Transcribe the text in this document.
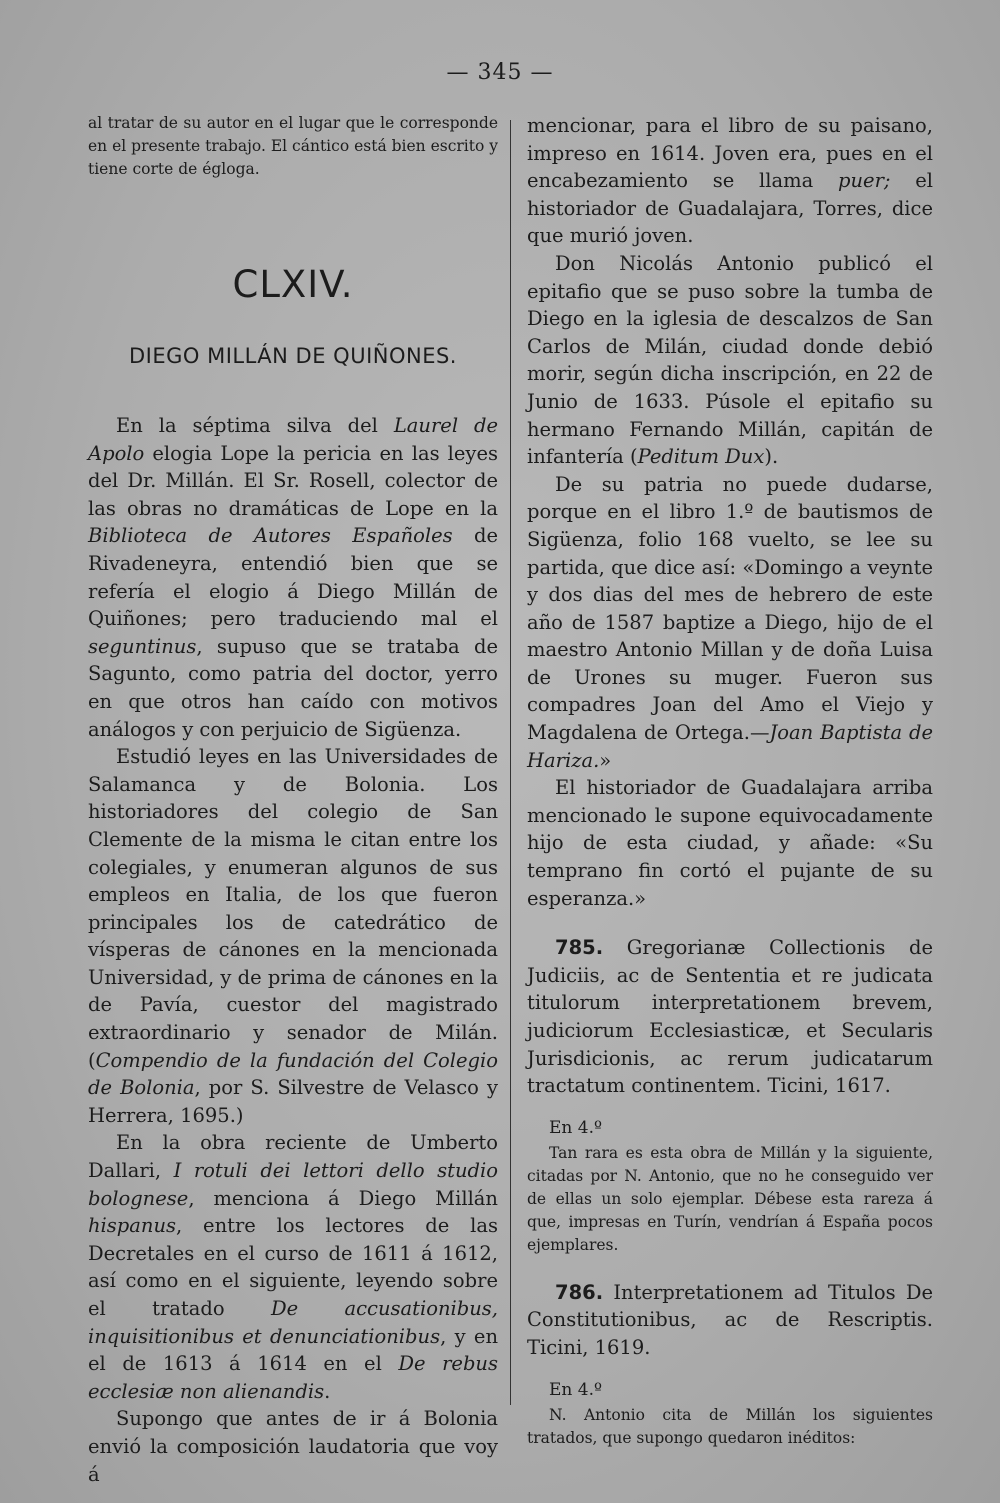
— 345 —

al tratar de su autor en el lugar que le corresponde en el presente trabajo. El cántico está bien escrito y tiene corte de égloga.

CLXIV.
DIEGO MILLÁN DE QUIÑONES.

En la séptima silva del Laurel de Apolo elogia Lope la pericia en las leyes del Dr. Millán. El Sr. Rosell, colector de las obras no dramáticas de Lope en la Biblioteca de Autores Españoles de Rivadeneyra, entendió bien que se refería el elogio á Diego Millán de Quiñones; pero traduciendo mal el seguntinus, supuso que se trataba de Sagunto, como patria del doctor, yerro en que otros han caído con motivos análogos y con perjuicio de Sigüenza.

Estudió leyes en las Universidades de Salamanca y de Bolonia. Los historiadores del colegio de San Clemente de la misma le citan entre los colegiales, y enumeran algunos de sus empleos en Italia, de los que fueron principales los de catedrático de vísperas de cánones en la mencionada Universidad, y de prima de cánones en la de Pavía, cuestor del magistrado extraordinario y senador de Milán. (Compendio de la fundación del Colegio de Bolonia, por S. Silvestre de Velasco y Herrera, 1695.)

En la obra reciente de Umberto Dallari, I rotuli dei lettori dello studio bolognese, menciona á Diego Millán hispanus, entre los lectores de las Decretales en el curso de 1611 á 1612, así como en el siguiente, leyendo sobre el tratado De accusationibus, inquisitionibus et denunciationibus, y en el de 1613 á 1614 en el De rebus ecclesiæ non alienandis.

Supongo que antes de ir á Bolonia envió la composición laudatoria que voy á

mencionar, para el libro de su paisano, impreso en 1614. Joven era, pues en el encabezamiento se llama puer; el historiador de Guadalajara, Torres, dice que murió joven.

Don Nicolás Antonio publicó el epitafio que se puso sobre la tumba de Diego en la iglesia de descalzos de San Carlos de Milán, ciudad donde debió morir, según dicha inscripción, en 22 de Junio de 1633. Púsole el epitafio su hermano Fernando Millán, capitán de infantería (Peditum Dux).

De su patria no puede dudarse, porque en el libro 1.º de bautismos de Sigüenza, folio 168 vuelto, se lee su partida, que dice así: «Domingo a veynte y dos dias del mes de hebrero de este año de 1587 baptize a Diego, hijo de el maestro Antonio Millan y de doña Luisa de Urones su muger. Fueron sus compadres Joan del Amo el Viejo y Magdalena de Ortega.—Joan Baptista de Hariza.»

El historiador de Guadalajara arriba mencionado le supone equivocadamente hijo de esta ciudad, y añade: «Su temprano fin cortó el pujante de su esperanza.»

785. Gregorianæ Collectionis de Judiciis, ac de Sententia et re judicata titulorum interpretationem brevem, judiciorum Ecclesiasticæ, et Secularis Jurisdicionis, ac rerum judicatarum tractatum continentem. Ticini, 1617.

En 4.º

Tan rara es esta obra de Millán y la siguiente, citadas por N. Antonio, que no he conseguido ver de ellas un solo ejemplar. Débese esta rareza á que, impresas en Turín, vendrían á España pocos ejemplares.

786. Interpretationem ad Titulos De Constitutionibus, ac de Rescriptis. Ticini, 1619.

En 4.º

N. Antonio cita de Millán los siguientes tratados, que supongo quedaron inéditos:
